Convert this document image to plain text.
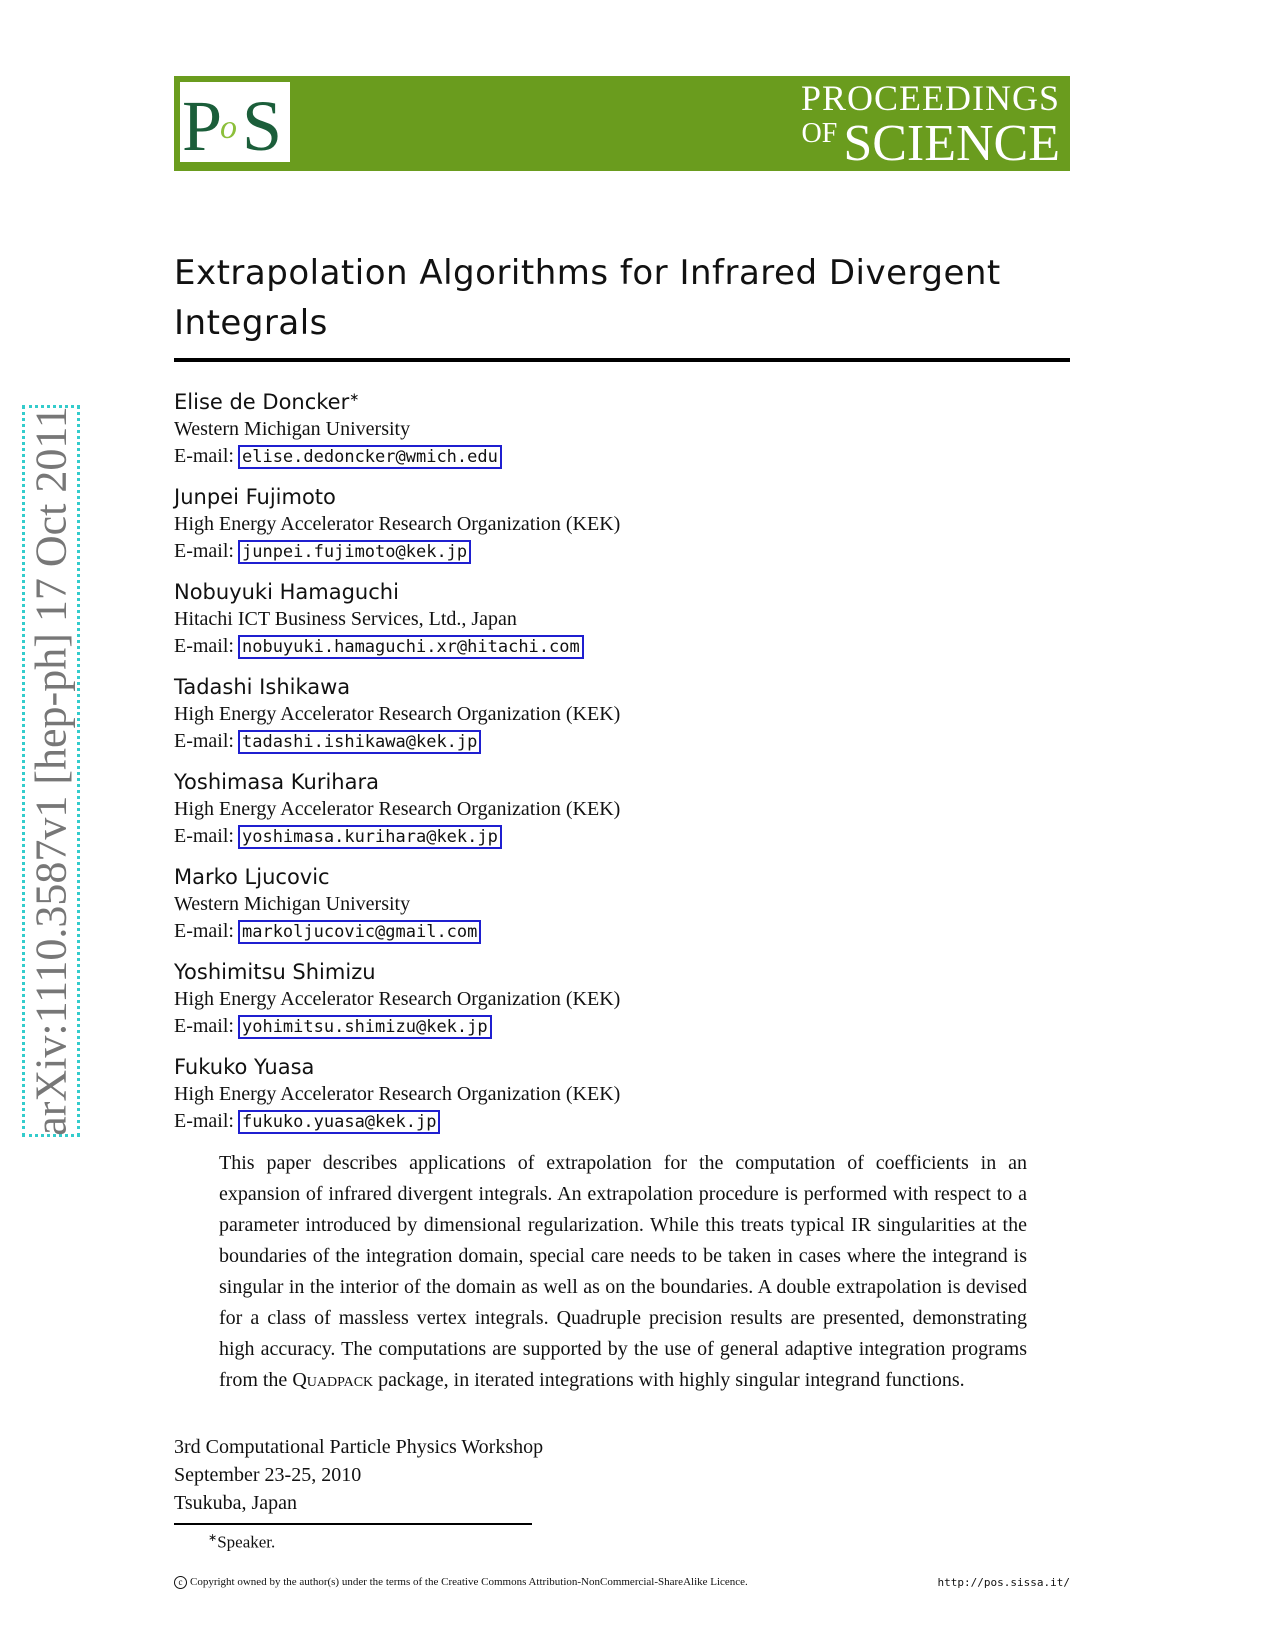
P
o S	PROCEEDINGS
$^{OF}$ SCIENCE
arXiv:1110.3587v1 [hep-ph] 17 Oct 2011
Extrapolation Algorithms for Infrared Divergent Integrals
Elise de Doncker∗
Western Michigan University
E-mail: elise.dedoncker@wmich.edu
Junpei Fujimoto
High Energy Accelerator Research Organization (KEK)
E-mail: junpei.fujimoto@kek.jp
Nobuyuki Hamaguchi
Hitachi ICT Business Services, Ltd., Japan
E-mail: nobuyuki.hamaguchi.xr@hitachi.com
Tadashi Ishikawa
High Energy Accelerator Research Organization (KEK)
E-mail: tadashi.ishikawa@kek.jp
Yoshimasa Kurihara
High Energy Accelerator Research Organization (KEK)
E-mail: yoshimasa.kurihara@kek.jp
Marko Ljucovic
Western Michigan University
E-mail: markoljucovic@gmail.com
Yoshimitsu Shimizu
High Energy Accelerator Research Organization (KEK)
E-mail: yohimitsu.shimizu@kek.jp
Fukuko Yuasa
High Energy Accelerator Research Organization (KEK)
E-mail: fukuko.yuasa@kek.jp

This paper describes applications of extrapolation for the computation of coefficients in an expansion of infrared divergent integrals. An extrapolation procedure is performed with respect to a parameter introduced by dimensional regularization. While this treats typical IR singularities at the boundaries of the integration domain, special care needs to be taken in cases where the integrand is singular in the interior of the domain as well as on the boundaries. A double extrapolation is devised for a class of massless vertex integrals. Quadruple precision results are presented, demonstrating high accuracy. The computations are supported by the use of general adaptive integration programs from the Quadpack package, in iterated integrations with highly singular integrand functions.

3rd Computational Particle Physics Workshop
September 23-25, 2010
Tsukuba, Japan
∗Speaker.
c Copyright owned by the author(s) under the terms of the Creative Commons Attribution-NonCommercial-ShareAlike Licence.	http://pos.sissa.it/
